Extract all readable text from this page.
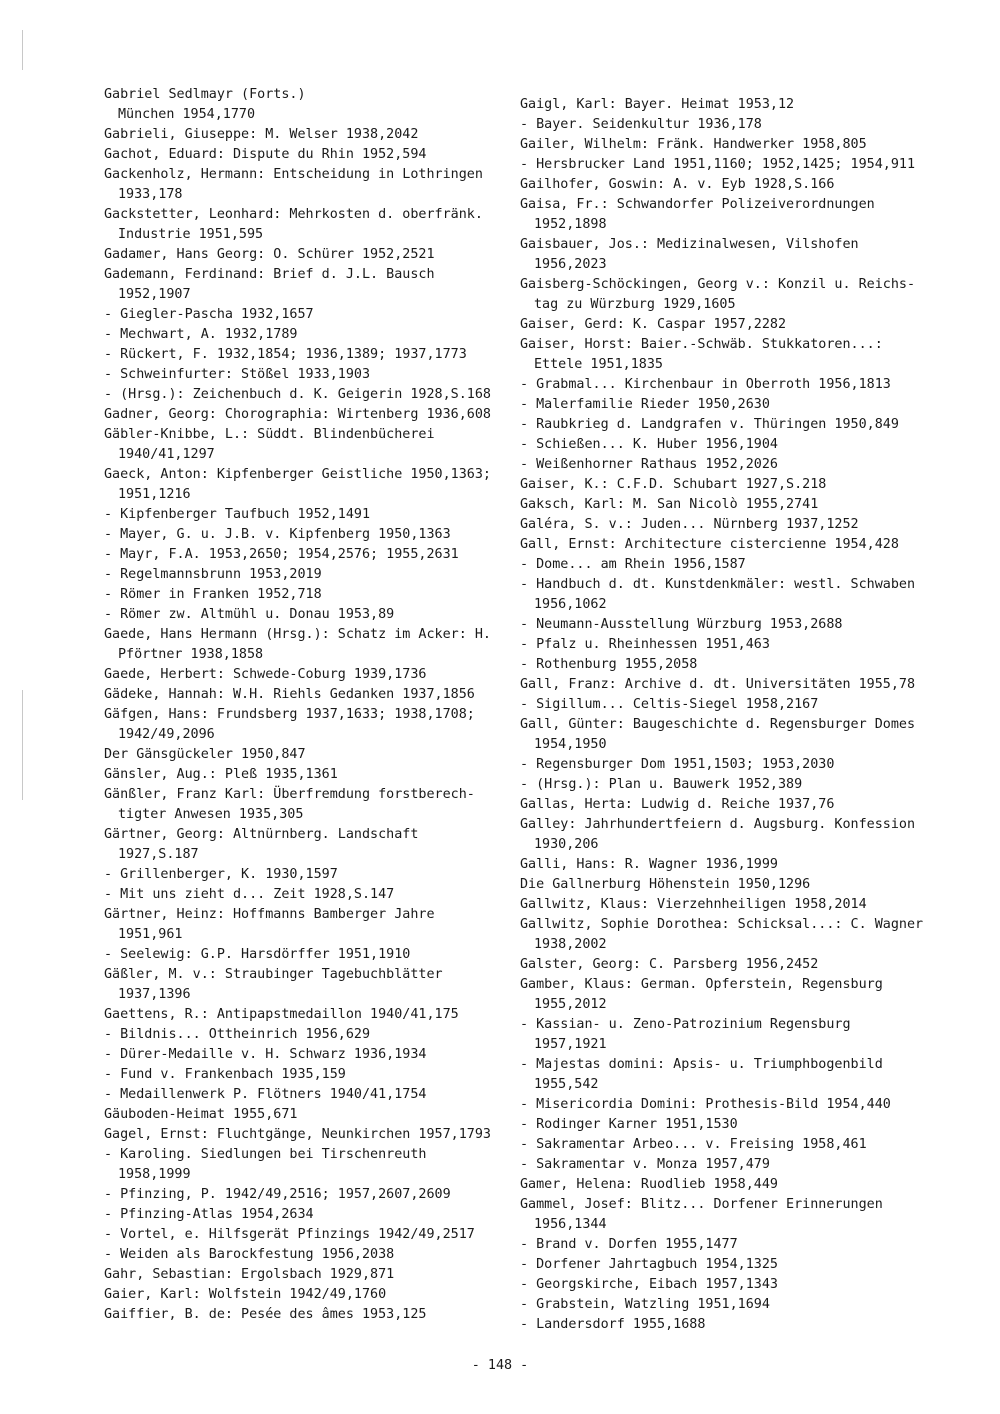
Gabriel Sedlmayr (Forts.)
München 1954,1770
Gabrieli, Giuseppe: M. Welser 1938,2042
Gachot, Eduard: Dispute du Rhin 1952,594
Gackenholz, Hermann: Entscheidung in Lothringen
1933,178
Gackstetter, Leonhard: Mehrkosten d. oberfränk.
Industrie 1951,595
Gadamer, Hans Georg: O. Schürer 1952,2521
Gademann, Ferdinand: Brief d. J.L. Bausch
1952,1907
- Giegler-Pascha 1932,1657
- Mechwart, A. 1932,1789
- Rückert, F. 1932,1854; 1936,1389; 1937,1773
- Schweinfurter: Stößel 1933,1903
- (Hrsg.): Zeichenbuch d. K. Geigerin 1928,S.168
Gadner, Georg: Chorographia: Wirtenberg 1936,608
Gäbler-Knibbe, L.: Süddt. Blindenbücherei
1940/41,1297
Gaeck, Anton: Kipfenberger Geistliche 1950,1363;
1951,1216
- Kipfenberger Taufbuch 1952,1491
- Mayer, G. u. J.B. v. Kipfenberg 1950,1363
- Mayr, F.A. 1953,2650; 1954,2576; 1955,2631
- Regelmannsbrunn 1953,2019
- Römer in Franken 1952,718
- Römer zw. Altmühl u. Donau 1953,89
Gaede, Hans Hermann (Hrsg.): Schatz im Acker: H.
Pförtner 1938,1858
Gaede, Herbert: Schwede-Coburg 1939,1736
Gädeke, Hannah: W.H. Riehls Gedanken 1937,1856
Gäfgen, Hans: Frundsberg 1937,1633; 1938,1708;
1942/49,2096
Der Gänsgückeler 1950,847
Gänsler, Aug.: Pleß 1935,1361
Gänßler, Franz Karl: Überfremdung forstberech-
tigter Anwesen 1935,305
Gärtner, Georg: Altnürnberg. Landschaft
1927,S.187
- Grillenberger, K. 1930,1597
- Mit uns zieht d... Zeit 1928,S.147
Gärtner, Heinz: Hoffmanns Bamberger Jahre
1951,961
- Seelewig: G.P. Harsdörffer 1951,1910
Gäßler, M. v.: Straubinger Tagebuchblätter
1937,1396
Gaettens, R.: Antipapstmedaillon 1940/41,175
- Bildnis... Ottheinrich 1956,629
- Dürer-Medaille v. H. Schwarz 1936,1934
- Fund v. Frankenbach 1935,159
- Medaillenwerk P. Flötners 1940/41,1754
Gäuboden-Heimat 1955,671
Gagel, Ernst: Fluchtgänge, Neunkirchen 1957,1793
- Karoling. Siedlungen bei Tirschenreuth
1958,1999
- Pfinzing, P. 1942/49,2516; 1957,2607,2609
- Pfinzing-Atlas 1954,2634
- Vortel, e. Hilfsgerät Pfinzings 1942/49,2517
- Weiden als Barockfestung 1956,2038
Gahr, Sebastian: Ergolsbach 1929,871
Gaier, Karl: Wolfstein 1942/49,1760
Gaiffier, B. de: Pesée des âmes 1953,125
Gaigl, Karl: Bayer. Heimat 1953,12
- Bayer. Seidenkultur 1936,178
Gailer, Wilhelm: Fränk. Handwerker 1958,805
- Hersbrucker Land 1951,1160; 1952,1425; 1954,911
Gailhofer, Goswin: A. v. Eyb 1928,S.166
Gaisa, Fr.: Schwandorfer Polizeiverordnungen
1952,1898
Gaisbauer, Jos.: Medizinalwesen, Vilshofen
1956,2023
Gaisberg-Schöckingen, Georg v.: Konzil u. Reichs-
tag zu Würzburg 1929,1605
Gaiser, Gerd: K. Caspar 1957,2282
Gaiser, Horst: Baier.-Schwäb. Stukkatoren...:
Ettele 1951,1835
- Grabmal... Kirchenbaur in Oberroth 1956,1813
- Malerfamilie Rieder 1950,2630
- Raubkrieg d. Landgrafen v. Thüringen 1950,849
- Schießen... K. Huber 1956,1904
- Weißenhorner Rathaus 1952,2026
Gaiser, K.: C.F.D. Schubart 1927,S.218
Gaksch, Karl: M. San Nicolò 1955,2741
Galéra, S. v.: Juden... Nürnberg 1937,1252
Gall, Ernst: Architecture cistercienne 1954,428
- Dome... am Rhein 1956,1587
- Handbuch d. dt. Kunstdenkmäler: westl. Schwaben
1956,1062
- Neumann-Ausstellung Würzburg 1953,2688
- Pfalz u. Rheinhessen 1951,463
- Rothenburg 1955,2058
Gall, Franz: Archive d. dt. Universitäten 1955,78
- Sigillum... Celtis-Siegel 1958,2167
Gall, Günter: Baugeschichte d. Regensburger Domes
1954,1950
- Regensburger Dom 1951,1503; 1953,2030
- (Hrsg.): Plan u. Bauwerk 1952,389
Gallas, Herta: Ludwig d. Reiche 1937,76
Galley: Jahrhundertfeiern d. Augsburg. Konfession
1930,206
Galli, Hans: R. Wagner 1936,1999
Die Gallnerburg Höhenstein 1950,1296
Gallwitz, Klaus: Vierzehnheiligen 1958,2014
Gallwitz, Sophie Dorothea: Schicksal...: C. Wagner
1938,2002
Galster, Georg: C. Parsberg 1956,2452
Gamber, Klaus: German. Opferstein, Regensburg
1955,2012
- Kassian- u. Zeno-Patrozinium Regensburg
1957,1921
- Majestas domini: Apsis- u. Triumphbogenbild
1955,542
- Misericordia Domini: Prothesis-Bild 1954,440
- Rodinger Karner 1951,1530
- Sakramentar Arbeo... v. Freising 1958,461
- Sakramentar v. Monza 1957,479
Gamer, Helena: Ruodlieb 1958,449
Gammel, Josef: Blitz... Dorfener Erinnerungen
1956,1344
- Brand v. Dorfen 1955,1477
- Dorfener Jahrtagbuch 1954,1325
- Georgskirche, Eibach 1957,1343
- Grabstein, Watzling 1951,1694
- Landersdorf 1955,1688
- 148 -
